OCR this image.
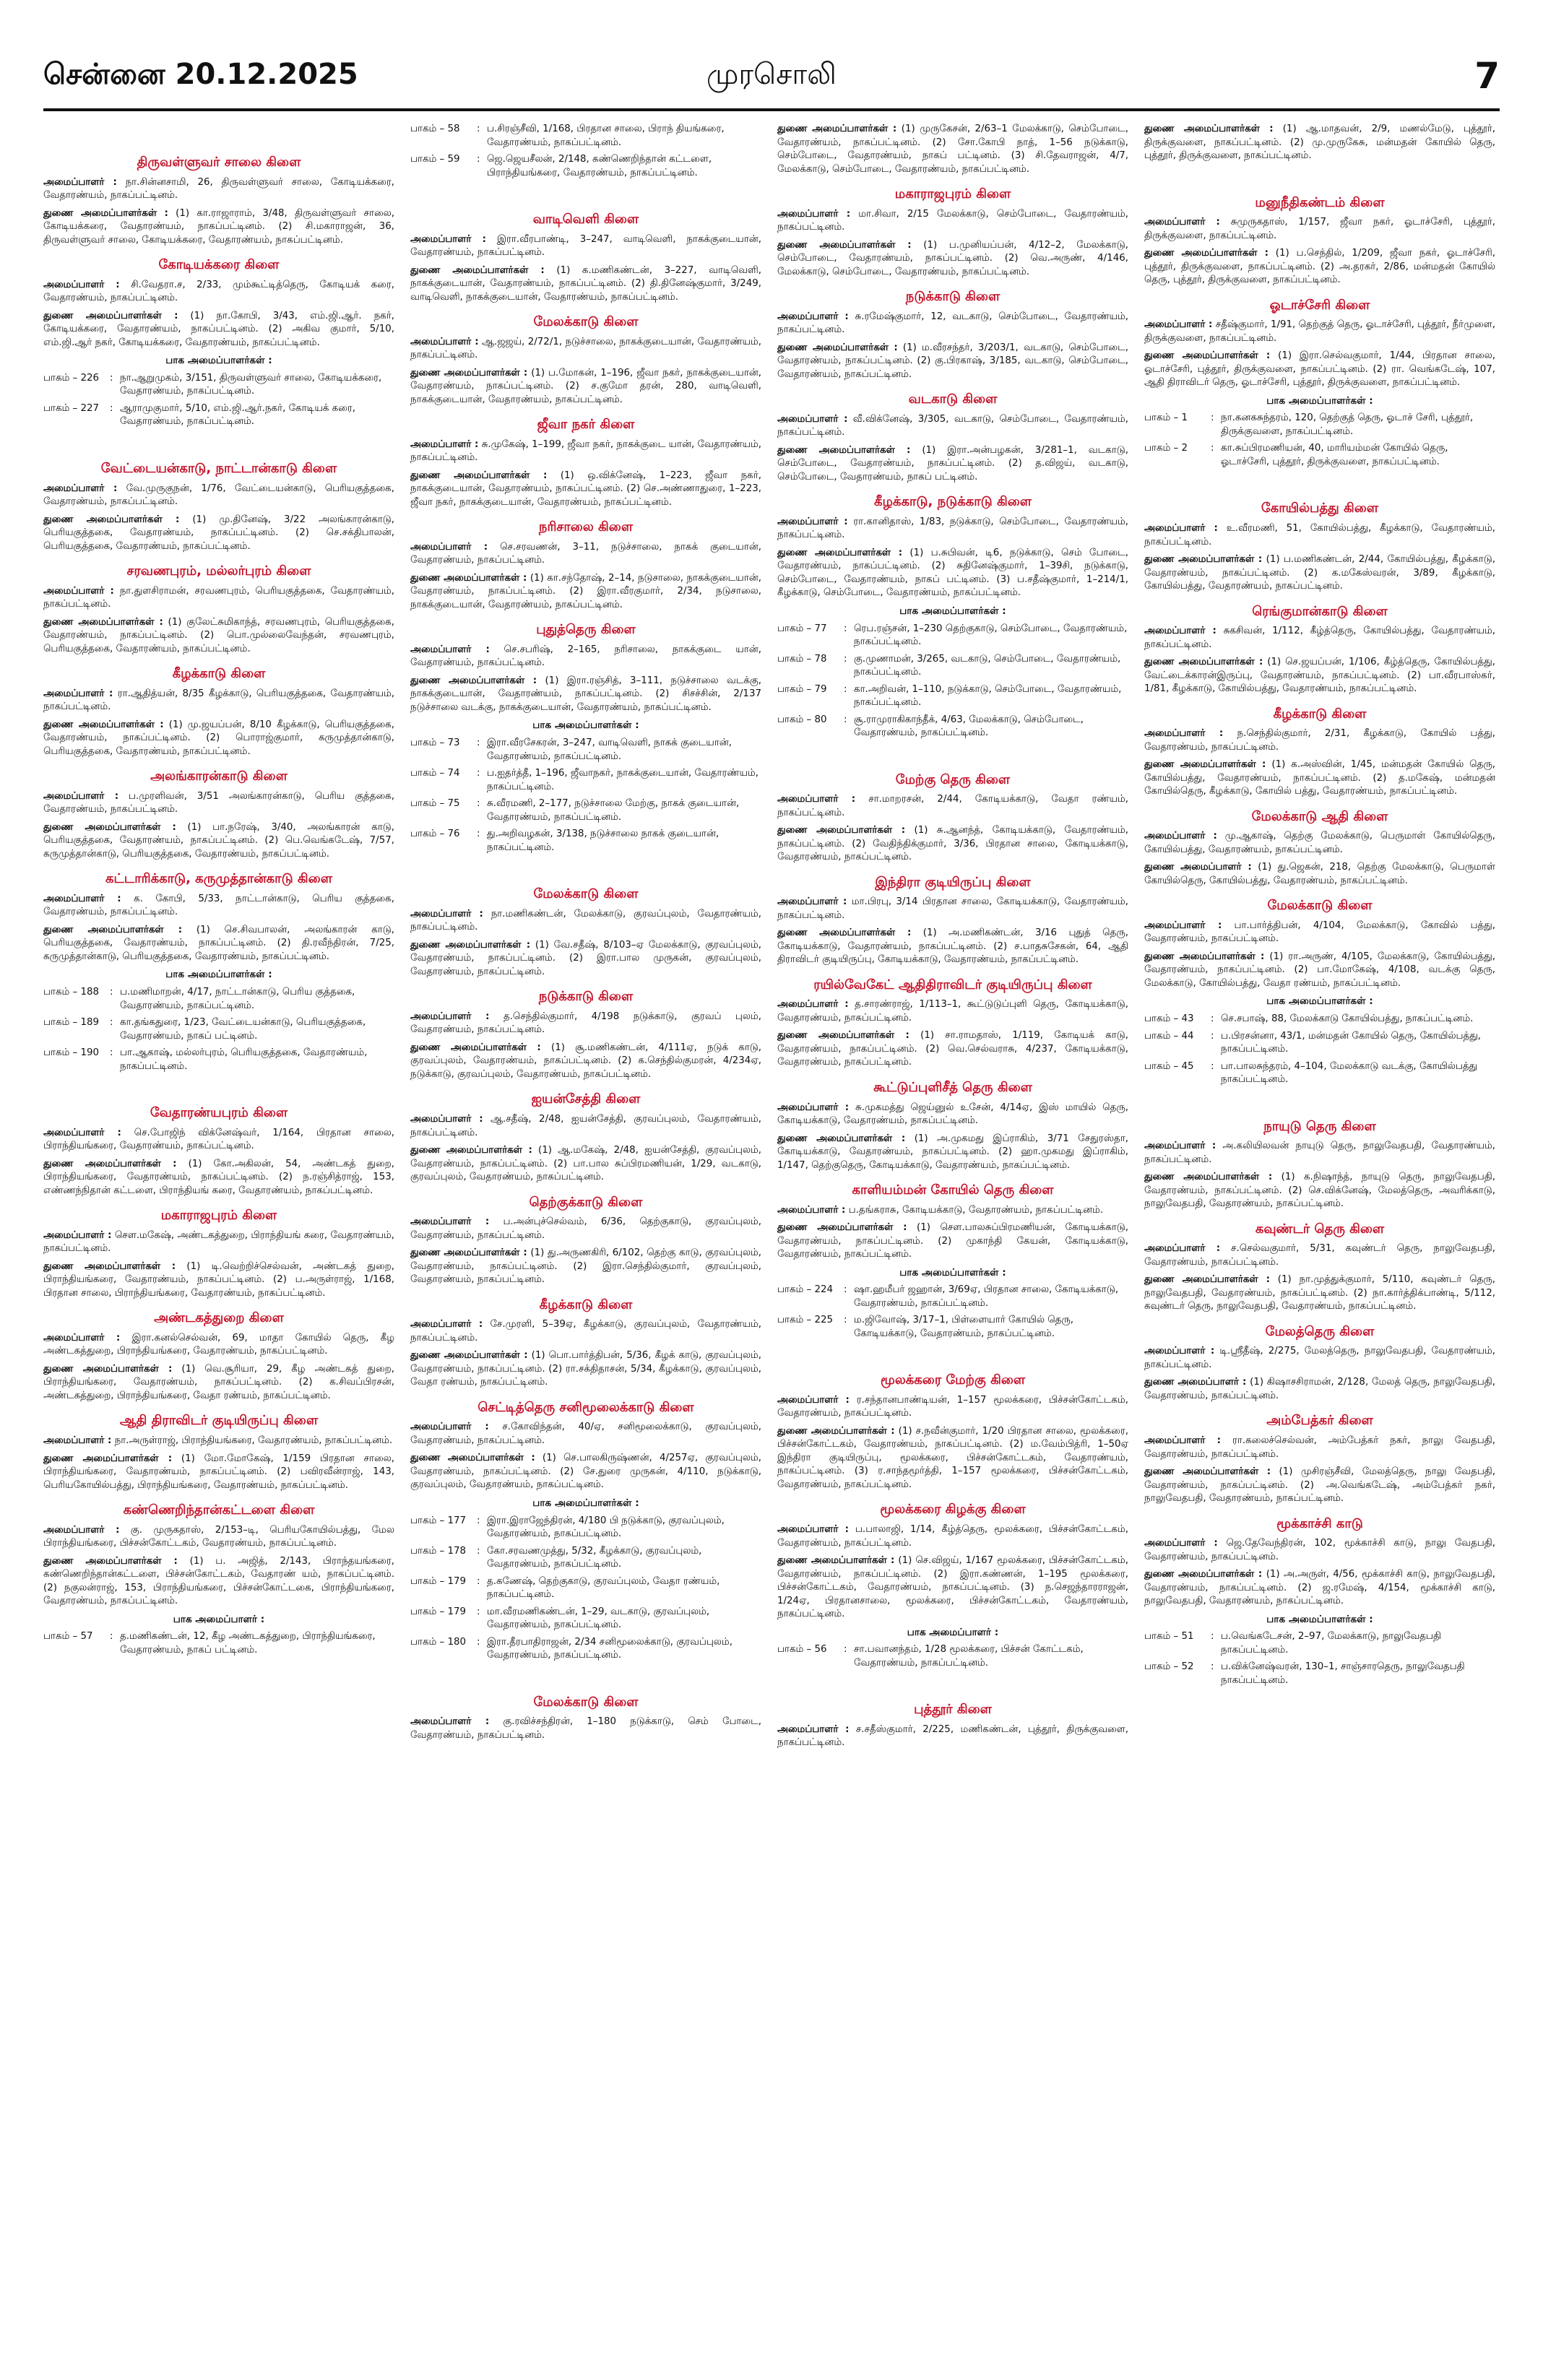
சென்னை 20.12.2025	முரசொலி	7
திருவள்ளுவர் சாலை கிளை
அமைப்பாளர் : நா.சின்னசாமி, 26, திருவள்ளுவர் சாலை, கோடியக்கரை, வேதாரண்யம், நாகப்பட்டினம்.
துணை அமைப்பாளர்கள் : (1) கா.ராஜாராம், 3/48, திருவள்ளுவர் சாலை, கோடியக்கரை, வேதாரண்யம், நாகப்பட்டினம். (2) சி.மகாராஜன், 36, திருவள்ளுவர் சாலை, கோடியக்கரை, வேதாரண்யம், நாகப்பட்டினம்.
கோடியக்கரை கிளை
அமைப்பாளர் : சி.வேதரா.ச, 2/33, மும்கூட்டித்தெரு, கோடியக் கரை, வேதாரண்யம், நாகப்பட்டினம்.
துணை அமைப்பாளர்கள் : (1) நா.கோபி, 3/43, எம்.ஜி.ஆர். நகர், கோடியக்கரை, வேதாரண்யம், நாகப்பட்டினம். (2) அகிவ குமார், 5/10, எம்.ஜி.ஆர் நகர், கோடியக்கரை, வேதாரண்யம், நாகப்பட்டினம்.
பாக அமைப்பாளர்கள் :
பாகம் – 226	: நா.ஆறுமுகம், 3/151, திருவள்ளுவர் சாலை, கோடியக்கரை, வேதாரண்யம், நாகப்பட்டினம்.
பாகம் – 227	: ஆராமுகுமார், 5/10, எம்.ஜி.ஆர்.நகர், கோடியக் கரை, வேதாரண்யம், நாகப்பட்டினம்.
வேட்டையன்காடு, நாட்டான்காடு கிளை
அமைப்பாளர் : வே.முருகுநன், 1/76, வேட்டையன்காடு, பெரியகுத்தகை, வேதாரண்யம், நாகப்பட்டினம்.
துணை அமைப்பாளர்கள் : (1) மு.தினேஷ், 3/22 அலங்காரன்காடு, பெரியகுத்தகை, வேதாரண்யம், நாகப்பட்டினம். (2) செ.சக்திபாலன், பெரியகுத்தகை, வேதாரண்யம், நாகப்பட்டினம்.
சரவணபுரம், மல்லர்புரம் கிளை
அமைப்பாளர் : நா.துளசிராமன், சரவணபுரம், பெரியகுத்தகை, வேதாரண்யம், நாகப்பட்டினம்.
துணை அமைப்பாளர்கள் : (1) குலேட்சுமிகாந்த், சரவணபுரம், பெரியகுத்தகை, வேதாரண்யம், நாகப்பட்டினம். (2) பொ.முல்லைவேந்தன், சரவணபுரம், பெரியகுத்தகை, வேதாரண்யம், நாகப்பட்டினம்.
கீழக்காடு கிளை
அமைப்பாளர் : ரா.ஆதித்யன், 8/35 கீழக்காடு, பெரியகுத்தகை, வேதாரண்யம், நாகப்பட்டினம்.
துணை அமைப்பாளர்கள் : (1) மு.ஜயப்பன், 8/10 கீழக்காடு, பெரியகுத்தகை, வேதாரண்யம், நாகப்பட்டினம். (2) பொராஜ்குமார், கருமுத்தான்காடு, பெரியகுத்தகை, வேதாரண்யம், நாகப்பட்டினம்.
அலங்காரன்காடு கிளை
அமைப்பாளர் : ப.முரளிவன், 3/51 அலங்காரன்காடு, பெரிய குத்தகை, வேதாரண்யம், நாகப்பட்டினம்.
துணை அமைப்பாளர்கள் : (1) பா.நரேஷ், 3/40, அலங்காரன் காடு, பெரியகுத்தகை, வேதாரண்யம், நாகப்பட்டினம். (2) பெ.வெங்கடேஷ், 7/57, கருமுத்தான்காடு, பெரியகுத்தகை, வேதாரண்யம், நாகப்பட்டினம்.
கட்டாரிக்காடு, கருமுத்தான்காடு கிளை
அமைப்பாளர் : க. கோபி, 5/33, நாட்டான்காடு, பெரிய குத்தகை, வேதாரண்யம், நாகப்பட்டினம்.
துணை அமைப்பாளர்கள் : (1) செ.சிவபாலன், அலங்காரன் காடு, பெரியகுத்தகை, வேதாரண்யம், நாகப்பட்டினம். (2) தி.ரவீந்திரன், 7/25, கருமுத்தான்காடு, பெரியகுத்தகை, வேதாரண்யம், நாகப்பட்டினம்.
பாக அமைப்பாளர்கள் :
பாகம் – 188	: ப.மணிமாறன், 4/17, நாட்டான்காடு, பெரிய குத்தகை, வேதாரண்யம், நாகப்பட்டினம்.
பாகம் – 189	: கா.தங்கதுரை, 1/23, வேட்டையன்காடு, பெரியகுத்தகை, வேதாரண்யம், நாகப் பட்டினம்.
பாகம் – 190	: பா.ஆகாஷ், மல்லர்புரம், பெரியகுத்தகை, வேதாரண்யம், நாகப்பட்டினம்.
வேதாரண்யபுரம் கிளை
அமைப்பாளர் : செ.போஜிந் விக்னேஷ்வர், 1/164, பிரதான சாலை, பிராந்தியங்கரை, வேதாரண்யம், நாகப்பட்டினம்.
துணை அமைப்பாளர்கள் : (1) கோ.அகிலன், 54, அண்டகத் துறை, பிராந்தியங்கரை, வேதாரண்யம், நாகப்பட்டினம். (2) ந.ரஞ்சித்ராஜ், 153, எண்ணந்நிதான் கட்டளை, பிராந்தியங் கரை, வேதாரண்யம், நாகப்பட்டினம்.
மகாராஜபுரம் கிளை
அமைப்பாளர் : சௌ.மகேஷ், அண்டகத்துறை, பிராந்தியங் கரை, வேதாரண்யம், நாகப்பட்டினம்.
துணை அமைப்பாளர்கள் : (1) டி.வெற்றிச்செல்வன், அண்டகத் துறை, பிராந்தியங்கரை, வேதாரண்யம், நாகப்பட்டினம். (2) ப.அருள்ராஜ், 1/168, பிரதான சாலை, பிராந்தியங்கரை, வேதாரண்யம், நாகப்பட்டினம்.
அண்டகத்துறை கிளை
அமைப்பாளர் : இரா.கனல்செல்வன், 69, மாதா கோயில் தெரு, கீழ அண்டகத்துறை, பிராந்தியங்கரை, வேதாரண்யம், நாகப்பட்டினம்.
துணை அமைப்பாளர்கள் : (1) வெ.சூரியா, 29, கீழ அண்டகத் துறை, பிராந்தியங்கரை, வேதாரண்யம், நாகப்பட்டினம். (2) க.சிவப்பிரசன், அண்டகத்துறை, பிராந்தியங்கரை, வேதா ரண்யம், நாகப்பட்டினம்.
ஆதி திராவிடர் குடியிருப்பு கிளை
அமைப்பாளர் : நா.அருள்ராஜ், பிராந்தியங்கரை, வேதாரண்யம், நாகப்பட்டினம்.
துணை அமைப்பாளர்கள் : (1) மோ.மோகேஷ், 1/159 பிரதான சாலை, பிராந்தியங்கரை, வேதாரண்யம், நாகப்பட்டினம். (2) பவிரவீன்ராஜ், 143, பெரியகோயில்பத்து, பிராந்தியங்கரை, வேதாரண்யம், நாகப்பட்டினம்.
கண்ணெறிந்தான்கட்டளை கிளை
அமைப்பாளர் : கு. முருகதாஸ், 2/153–டி, பெரியகோயில்பத்து, மேல பிராந்தியங்கரை, பிச்சன்கோட்டகம், வேதாரண்யம், நாகப்பட்டினம்.
துணை அமைப்பாளர்கள் : (1) ப. அஜித், 2/143, பிராந்தயங்கரை, கண்ணெறிந்தான்கட்டளை, பிச்சன்கோட்டகம், வேதாரண் யம், நாகப்பட்டினம். (2) நகுலன்ராஜ், 153, பிராந்தியங்கரை, பிச்சன்கோட்டகை, பிராந்தியங்கரை, வேதாரண்யம், நாகப்பட்டினம்.
பாக அமைப்பாளர் :
பாகம் – 57	: த.மணிகண்டன், 12, கீழ அண்டகத்துறை, பிராந்தியங்கரை, வேதாரண்யம், நாகப் பட்டினம்.
பாகம் – 58	: ப.சிரஞ்சீவி, 1/168, பிரதான சாலை, பிராந் தியங்கரை, வேதாரண்யம், நாகப்பட்டினம்.
பாகம் – 59	: ஜெ.ஜெயசீலன், 2/148, கண்ணெறிந்தான் கட்டளை, பிராந்தியங்கரை, வேதாரண்யம், நாகப்பட்டினம்.
வாடிவெளி கிளை
அமைப்பாளர் : இரா.வீரபாண்டி, 3–247, வாடிவெளி, நாகக்குடையான், வேதாரண்யம், நாகப்பட்டினம்.
துணை அமைப்பாளர்கள் : (1) க.மணிகண்டன், 3–227, வாடிவெளி, நாகக்குடையான், வேதாரண்யம், நாகப்பட்டினம். (2) தி.தினேஷ்குமார், 3/249, வாடிவெளி, நாகக்குடையான், வேதாரண்யம், நாகப்பட்டினம்.
மேலக்காடு கிளை
அமைப்பாளர் : ஆ.ஜஜய், 2/72/1, நடுச்சாலை, நாகக்குடையான், வேதாரண்யம், நாகப்பட்டினம்.
துணை அமைப்பாளர்கள் : (1) ப.மோகன், 1–196, ஜீவா நகர், நாகக்குடையான், வேதாரண்யம், நாகப்பட்டினம். (2) ச.குமோ தரன், 280, வாடிவெளி, நாகக்குடையான், வேதாரண்யம், நாகப்பட்டினம்.
ஜீவா நகர் கிளை
அமைப்பாளர் : சு.முகேஷ், 1–199, ஜீவா நகர், நாகக்குடை யான், வேதாரண்யம், நாகப்பட்டினம்.
துணை அமைப்பாளர்கள் : (1) ஒ.விக்னேஷ், 1–223, ஜீவா நகர், நாகக்குடையான், வேதாரண்யம், நாகப்பட்டினம். (2) செ.அண்ணாதுரை, 1–223, ஜீவா நகர், நாகக்குடையான், வேதாரண்யம், நாகப்பட்டினம்.
நரிசாலை கிளை
அமைப்பாளர் : செ.சரவணன், 3–11, நடுச்சாலை, நாகக் குடையான், வேதாரண்யம், நாகப்பட்டினம்.
துணை அமைப்பாளர்கள் : (1) கா.சந்தோஷ், 2–14, நடுசாலை, நாகக்குடையான், வேதாரண்யம், நாகப்பட்டினம். (2) இரா.வீரகுமார், 2/34, நடுசாலை, நாகக்குடையான், வேதாரண்யம், நாகப்பட்டினம்.
புதுத்தெரு கிளை
அமைப்பாளர் : செ.சபரிஷ், 2–165, நரிசாலை, நாகக்குடை யான், வேதாரண்யம், நாகப்பட்டினம்.
துணை அமைப்பாளர்கள் : (1) இரா.ரஞ்சித், 3–111, நடுச்சாலை வடக்கு, நாகக்குடையான், வேதாரண்யம், நாகப்பட்டினம். (2) சிசச்சின், 2/137 நடுச்சாலை வடக்கு, நாகக்குடையான், வேதாரண்யம், நாகப்பட்டினம்.
பாக அமைப்பாளர்கள் :
பாகம் – 73	: இரா.வீரசேகரன், 3–247, வாடிவெளி, நாகக் குடையான், வேதாரண்யம், நாகப்பட்டினம்.
பாகம் – 74	: ப.ஐதர்த்தீ, 1–196, ஜீவாநகர், நாகக்குடையான், வேதாரண்யம், நாகப்பட்டினம்.
பாகம் – 75	: சு.வீரமணி, 2–177, நடுச்சாலை மேற்கு, நாகக் குடையான், வேதாரண்யம், நாகப்பட்டினம்.
பாகம் – 76	: து.அறிவழகன், 3/138, நடுச்சாலை நாகக் குடையான், நாகப்பட்டினம்.
மேலக்காடு கிளை
அமைப்பாளர் : நா.மணிகண்டன், மேலக்காடு, குரவப்புலம், வேதாரண்யம், நாகப்பட்டினம்.
துணை அமைப்பாளர்கள் : (1) வே.சதீஷ், 8/103–ஏ மேலக்காடு, குரவப்புலம், வேதாரண்யம், நாகப்பட்டினம். (2) இரா.பால முருகன், குரவப்புலம், வேதாரண்யம், நாகப்பட்டினம்.
நடுக்காடு கிளை
அமைப்பாளர் : த.செந்தில்குமார், 4/198 நடுக்காடு, குரவப் புலம், வேதாரண்யம், நாகப்பட்டினம்.
துணை அமைப்பாளர்கள் : (1) சூ.மணிகண்டன், 4/111ஏ, நடுக் காடு, குரவப்புலம், வேதாரண்யம், நாகப்பட்டினம். (2) க.செந்தில்குமரன், 4/234ஏ, நடுக்காடு, குரவப்புலம், வேதாரண்யம், நாகப்பட்டினம்.
ஐயன்சேத்தி கிளை
அமைப்பாளர் : ஆ.சதீஷ், 2/48, ஐயன்சேத்தி, குரவப்புலம், வேதாரண்யம், நாகப்பட்டினம்.
துணை அமைப்பாளர்கள் : (1) ஆ.மகேஷ், 2/48, ஐயன்சேத்தி, குரவப்புலம், வேதாரண்யம், நாகப்பட்டினம். (2) பா.பால சுப்பிரமணியன், 1/29, வடகாடு, குரவப்புலம், வேதாரண்யம், நாகப்பட்டினம்.
தெற்குக்காடு கிளை
அமைப்பாளர் : ப.அன்புச்செல்வம், 6/36, தெற்குகாடு, குரவப்புலம், வேதாரண்யம், நாகப்பட்டினம்.
துணை அமைப்பாளர்கள் : (1) து.அருணகிரி, 6/102, தெற்கு காடு, குரவப்புலம், வேதாரண்யம், நாகப்பட்டினம். (2) இரா.செந்தில்குமார், குரவப்புலம், வேதாரண்யம், நாகப்பட்டினம்.
கீழக்காடு கிளை
அமைப்பாளர் : சே.முரளி, 5–39ஏ, கீழக்காடு, குரவப்புலம், வேதாரண்யம், நாகப்பட்டினம்.
துணை அமைப்பாளர்கள் : (1) பொ.பார்த்திபன், 5/36, கீழக் காடு, குரவப்புலம், வேதாரண்யம், நாகப்பட்டினம். (2) ரா.சக்திதாசன், 5/34, கீழக்காடு, குரவப்புலம், வேதா ரண்யம், நாகப்பட்டினம்.
செட்டித்தெரு சனிமூலைக்காடு கிளை
அமைப்பாளர் : ச.கோவிந்தன், 40/ஏ, சனிமூலைக்காடு, குரவப்புலம், வேதாரண்யம், நாகப்பட்டினம்.
துணை அமைப்பாளர்கள் : (1) செ.பாலகிருஷ்ணன், 4/257ஏ, குரவப்புலம், வேதாரண்யம், நாகப்பட்டினம். (2) சே.துரை முருகன், 4/110, நடுக்காடு, குரவப்புலம், வேதாரண்யம், நாகப்பட்டினம்.
பாக அமைப்பாளர்கள் :
பாகம் – 177	: இரா.இராஜேந்திரன், 4/180 பி நடுக்காடு, குரவப்புலம், வேதாரண்யம், நாகப்பட்டினம்.
பாகம் – 178	: கோ.சரவணமுத்து, 5/32, கீழக்காடு, குரவப்புலம், வேதாரண்யம், நாகப்பட்டினம்.
பாகம் – 179	: த.கணேஷ், தெற்குகாடு, குரவப்புலம், வேதா ரண்யம், நாகப்பட்டினம்.
பாகம் – 179	: மா.வீரமணிகண்டன், 1–29, வடகாடு, குரவப்புலம், வேதாரண்யம், நாகப்பட்டினம்.
பாகம் – 180	: இரா.தீரபாதிராஜன், 2/34 சனிமூலைக்காடு, குரவப்புலம், வேதாரண்யம், நாகப்பட்டினம்.
மேலக்காடு கிளை
அமைப்பாளர் : கு.ரவிச்சந்திரன், 1–180 நடுக்காடு, செம் போடை, வேதாரண்யம், நாகப்பட்டினம்.
துணை அமைப்பாளர்கள் : (1) முருகேசன், 2/63–1 மேலக்காடு, செம்போடை, வேதாரண்யம், நாகப்பட்டினம். (2) சோ.கோபி நாத், 1–56 நடுக்காடு, செம்போடை, வேதாரண்யம், நாகப் பட்டினம். (3) சி.தேவராஜன், 4/7, மேலக்காடு, செம்போடை, வேதாரண்யம், நாகப்பட்டினம்.
மகாராஜபுரம் கிளை
அமைப்பாளர் : மா.சிவா, 2/15 மேலக்காடு, செம்போடை, வேதாரண்யம், நாகப்பட்டினம்.
துணை அமைப்பாளர்கள் : (1) ப.முனியப்பன், 4/12–2, மேலக்காடு, செம்போடை, வேதாரண்யம், நாகப்பட்டினம். (2) வெ.அருண், 4/146, மேலக்காடு, செம்போடை, வேதாரண்யம், நாகப்பட்டினம்.
நடுக்காடு கிளை
அமைப்பாளர் : சு.ரமேஷ்குமார், 12, வடகாடு, செம்போடை, வேதாரண்யம், நாகப்பட்டினம்.
துணை அமைப்பாளர்கள் : (1) ம.வீரசந்தர், 3/203/1, வடகாடு, செம்போடை, வேதாரண்யம், நாகப்பட்டினம். (2) கு.பிரகாஷ், 3/185, வடகாடு, செம்போடை, வேதாரண்யம், நாகப்பட்டினம்.
வடகாடு கிளை
அமைப்பாளர் : வீ.விக்னேஷ், 3/305, வடகாடு, செம்போடை, வேதாரண்யம், நாகப்பட்டினம்.
துணை அமைப்பாளர்கள் : (1) இரா.அன்பழகன், 3/281–1, வடகாடு, செம்போடை, வேதாரண்யம், நாகப்பட்டினம். (2) த.விஜய், வடகாடு, செம்போடை, வேதாரண்யம், நாகப் பட்டினம்.
கீழக்காடு, நடுக்காடு கிளை
அமைப்பாளர் : ரா.கானிதாஸ், 1/83, நடுக்காடு, செம்போடை, வேதாரண்யம், நாகப்பட்டினம்.
துணை அமைப்பாளர்கள் : (1) ப.சுபிவன், டி6, நடுக்காடு, செம் போடை, வேதாரண்யம், நாகப்பட்டினம். (2) சுதினேஷ்குமார், 1–39சி, நடுக்காடு, செம்போடை, வேதாரண்யம், நாகப் பட்டினம். (3) ப.சதீஷ்குமார், 1–214/1, கீழக்காடு, செம்போடை, வேதாரண்யம், நாகப்பட்டினம்.
பாக அமைப்பாளர்கள் :
பாகம் – 77	: ரெப.ரஞ்சன், 1–230 தெற்குகாடு, செம்போடை, வேதாரண்யம், நாகப்பட்டினம்.
பாகம் – 78	: கு.முணாமன், 3/265, வடகாடு, செம்போடை, வேதாரண்யம், நாகப்பட்டினம்.
பாகம் – 79	: கா.அறிவன், 1–110, நடுக்காடு, செம்போடை, வேதாரண்யம், நாகப்பட்டினம்.
பாகம் – 80	: சூ.ராமுராகிகாந்தீக், 4/63, மேலக்காடு, செம்போடை, வேதாரண்யம், நாகப்பட்டினம்.
மேற்கு தெரு கிளை
அமைப்பாளர் : சா.மாறரசன், 2/44, கோடியக்காடு, வேதா ரண்யம், நாகப்பட்டினம்.
துணை அமைப்பாளர்கள் : (1) சு.ஆனந்த், கோடியக்காடு, வேதாரண்யம், நாகப்பட்டினம். (2) வேதிந்திக்குமார், 3/36, பிரதான சாலை, கோடியக்காடு, வேதாரண்யம், நாகப்பட்டினம்.
இந்திரா குடியிருப்பு கிளை
அமைப்பாளர் : மா.பிரபு, 3/14 பிரதான சாலை, கோடியக்காடு, வேதாரண்யம், நாகப்பட்டினம்.
துணை அமைப்பாளர்கள் : (1) அ.மணிகண்டன், 3/16 புதுத் தெரு, கோடியக்காடு, வேதாரண்யம், நாகப்பட்டினம். (2) ச.பாதசுசேகன், 64, ஆதி திராவிடர் குடியிருப்பு, கோடியக்காடு, வேதாரண்யம், நாகப்பட்டினம்.
ரயில்வேகேட் ஆதிதிராவிடர் குடியிருப்பு கிளை
அமைப்பாளர் : த.சாரண்ராஜ், 1/113–1, கூட்டுடுப்புளி தெரு, கோடியக்காடு, வேதாரண்யம், நாகப்பட்டினம்.
துணை அமைப்பாளர்கள் : (1) சா.ராமதாஸ், 1/119, கோடியக் காடு, வேதாரண்யம், நாகப்பட்டினம். (2) வெ.செல்வராசு, 4/237, கோடியக்காடு, வேதாரண்யம், நாகப்பட்டினம்.
கூட்டுப்புளிசீத் தெரு கிளை
அமைப்பாளர் : சு.முகமத்து ஜெய்னுல் உசேன், 4/14ஏ, இஸ் மாயில் தெரு, கோடியக்காடு, வேதாரண்யம், நாகப்பட்டினம்.
துணை அமைப்பாளர்கள் : (1) அ.முகமது இப்ராகிம், 3/71 சேதுரஸ்தா, கோடியக்காடு, வேதாரண்யம், நாகப்பட்டினம். (2) ஹா.முகமது இப்ராகிம், 1/147, தெற்குதெரு, கோடியக்காடு, வேதாரண்யம், நாகப்பட்டினம்.
காளியம்மன் கோயில் தெரு கிளை
அமைப்பாளர் : ப.தங்கராசு, கோடியக்காடு, வேதாரண்யம், நாகப்பட்டினம்.
துணை அமைப்பாளர்கள் : (1) சௌ.பாலசுப்பிரமணியன், கோடியக்காடு, வேதாரண்யம், நாகப்பட்டினம். (2) முகாந்தி கேயன், கோடியக்காடு, வேதாரண்யம், நாகப்பட்டினம்.
பாக அமைப்பாளர்கள் :
பாகம் – 224	: ஷா.ஹமீபர் ஜஹான், 3/69ஏ, பிரதான சாலை, கோடியக்காடு, வேதாரண்யம், நாகப்பட்டினம்.
பாகம் – 225	: ம.ஜிவோஷ், 3/17–1, பிள்ளையார் கோயில் தெரு, கோடியக்காடு, வேதாரண்யம், நாகப்பட்டினம்.
மூலக்கரை மேற்கு கிளை
அமைப்பாளர் : ர.சந்தானபாண்டியன், 1–157 மூலக்கரை, பிச்சன்கோட்டகம், வேதாரண்யம், நாகப்பட்டினம்.
துணை அமைப்பாளர்கள் : (1) ச.நவீன்குமார், 1/20 பிரதான சாலை, மூலக்கரை, பிச்சன்கோட்டகம், வேதாரண்யம், நாகப்பட்டினம். (2) ம.வேம்பித்ரி, 1–50ஏ இந்திரா குடியிருப்பு, மூலக்கரை, பிச்சன்கோட்டகம், வேதாரண்யம், நாகப்பட்டினம். (3) ர.சாந்தமூர்த்தி, 1–157 மூலக்கரை, பிச்சன்கோட்டகம், வேதாரண்யம், நாகப்பட்டினம்.
மூலக்கரை கிழக்கு கிளை
அமைப்பாளர் : ப.பாலாஜி, 1/14, கீழ்த்தெரு, மூலக்கரை, பிச்சன்கோட்டகம், வேதாரண்யம், நாகப்பட்டினம்.
துணை அமைப்பாளர்கள் : (1) செ.விஜய், 1/167 மூலக்கரை, பிச்சன்கோட்டகம், வேதாரண்யம், நாகப்பட்டினம். (2) இரா.கண்ணன், 1–195 மூலக்கரை, பிச்சன்கோட்டகம், வேதாரண்யம், நாகப்பட்டினம். (3) ந.செஜந்தாரராஜன், 1/24ஏ, பிரதானசாலை, மூலக்கரை, பிச்சன்கோட்டகம், வேதாரண்யம், நாகப்பட்டினம்.
பாக அமைப்பாளர் :
பாகம் – 56	: சா.பவானந்தம், 1/28 மூலக்கரை, பிச்சன் கோட்டகம், வேதாரண்யம், நாகப்பட்டினம்.
புத்தூர் கிளை
அமைப்பாளர் : ச.சதீஸ்குமார், 2/225, மணிகண்டன், புத்தூர், திருக்குவளை, நாகப்பட்டினம்.
துணை அமைப்பாளர்கள் : (1) ஆ.மாதவன், 2/9, மணல்மேடு, புத்தூர், திருக்குவளை, நாகப்பட்டினம். (2) மு.முருகேசு, மன்மதன் கோயில் தெரு, புத்தூர், திருக்குவளை, நாகப்பட்டினம்.
மனுநீதிகண்டம் கிளை
அமைப்பாளர் : சுமுருகதாஸ், 1/157, ஜீவா நகர், ஓடாச்சேரி, புத்தூர், திருக்குவளை, நாகப்பட்டினம்.
துணை அமைப்பாளர்கள் : (1) ப.செந்தில், 1/209, ஜீவா நகர், ஓடாச்சேரி, புத்தூர், திருக்குவளை, நாகப்பட்டினம். (2) அ.தரகர், 2/86, மன்மதன் கோயில் தெரு, புத்தூர், திருக்குவளை, நாகப்பட்டினம்.
ஓடாச்சேரி கிளை
அமைப்பாளர் : சதீஷ்குமார், 1/91, தெற்குத் தெரு, ஓடாச்சேரி, புத்தூர், நீர்முளை, திருக்குவளை, நாகப்பட்டினம்.
துணை அமைப்பாளர்கள் : (1) இரா.செல்வகுமார், 1/44, பிரதான சாலை, ஓடாச்சேரி, புத்தூர், திருக்குவளை, நாகப்பட்டினம். (2) ரா. வெங்கடேஷ், 107, ஆதி திராவிடர் தெரு, ஓடாச்சேரி, புத்தூர், திருக்குவளை, நாகப்பட்டினம்.
பாக அமைப்பாளர்கள் :
பாகம் – 1	: நா.கனகசுந்தரம், 120, தெற்குத் தெரு, ஓடாச் சேரி, புத்தூர், திருக்குவளை, நாகப்பட்டினம்.
பாகம் – 2	: கா.சுப்பிரமணியன், 40, மாரியம்மன் கோயில் தெரு, ஓடாச்சேரி, புத்தூர், திருக்குவளை, நாகப்பட்டினம்.
கோயில்பத்து கிளை
அமைப்பாளர் : உ.வீரமணி, 51, கோயில்பத்து, கீழக்காடு, வேதாரண்யம், நாகப்பட்டினம்.
துணை அமைப்பாளர்கள் : (1) ப.மணிகண்டன், 2/44, கோயில்பத்து, கீழக்காடு, வேதாரண்யம், நாகப்பட்டினம். (2) க.மகேஸ்வரன், 3/89, கீழக்காடு, கோயில்பத்து, வேதாரண்யம், நாகப்பட்டினம்.
ரெங்குமான்காடு கிளை
அமைப்பாளர் : சுகசிவன், 1/112, கீழ்த்தெரு, கோயில்பத்து, வேதாரண்யம், நாகப்பட்டினம்.
துணை அமைப்பாளர்கள் : (1) செ.ஜயப்பன், 1/106, கீழ்த்தெரு, கோயில்பத்து, வேட்டைக்காரன்இருப்பு, வேதாரண்யம், நாகப்பட்டினம். (2) பா.வீரபாஸ்கர், 1/81, கீழக்காடு, கோயில்பத்து, வேதாரண்யம், நாகப்பட்டினம்.
கீழக்காடு கிளை
அமைப்பாளர் : ந.செந்தில்குமார், 2/31, கீழக்காடு, கோயில் பத்து, வேதாரண்யம், நாகப்பட்டினம்.
துணை அமைப்பாளர்கள் : (1) க.அஸ்வின், 1/45, மன்மதன் கோயில் தெரு, கோயில்பத்து, வேதாரண்யம், நாகப்பட்டினம். (2) த.மகேஷ், மன்மதன் கோயில்தெரு, கீழக்காடு, கோயில் பத்து, வேதாரண்யம், நாகப்பட்டினம்.
மேலக்காடு ஆதி கிளை
அமைப்பாளர் : மு.ஆகாஷ், தெற்கு மேலக்காடு, பெருமாள் கோயில்தெரு, கோயில்பத்து, வேதாரண்யம், நாகப்பட்டினம்.
துணை அமைப்பாளர் : (1) து.ஜெகன், 218, தெற்கு மேலக்காடு, பெருமாள் கோயில்தெரு, கோயில்பத்து, வேதாரண்யம், நாகப்பட்டினம்.
மேலக்காடு கிளை
அமைப்பாளர் : பா.பார்த்திபன், 4/104, மேலக்காடு, கோவில் பத்து, வேதாரண்யம், நாகப்பட்டினம்.
துணை அமைப்பாளர்கள் : (1) ரா.அருண், 4/105, மேலக்காடு, கோயில்பத்து, வேதாரண்யம், நாகப்பட்டினம். (2) பா.மோகேஷ், 4/108, வடக்கு தெரு, மேலக்காடு, கோயில்பத்து, வேதா ரண்யம், நாகப்பட்டினம்.
பாக அமைப்பாளர்கள் :
பாகம் – 43	: செ.சபாஷ், 88, மேலக்காடு கோயில்பத்து, நாகப்பட்டினம்.
பாகம் – 44	: ப.பிரசன்னா, 43/1, மன்மதன் கோயில் தெரு, கோயில்பத்து, நாகப்பட்டினம்.
பாகம் – 45	: பா.பாலசுந்தரம், 4–104, மேலக்காடு வடக்கு, கோயில்பத்து நாகப்பட்டினம்.
நாயுடு தெரு கிளை
அமைப்பாளர் : அ.கலியிலவன் நாயுடு தெரு, நாலுவேதபதி, வேதாரண்யம், நாகப்பட்டினம்.
துணை அமைப்பாளர்கள் : (1) க.நிஷாந்த், நாயுடு தெரு, நாலுவேதபதி, வேதாரண்யம், நாகப்பட்டினம். (2) செ.விக்னேஷ், மேலத்தெரு, அவரிக்காடு, நாலுவேதபதி, வேதாரண்யம், நாகப்பட்டினம்.
கவுண்டர் தெரு கிளை
அமைப்பாளர் : ச.செல்வகுமார், 5/31, கவுண்டர் தெரு, நாலுவேதபதி, வேதாரண்யம், நாகப்பட்டினம்.
துணை அமைப்பாளர்கள் : (1) நா.முத்துக்குமார், 5/110, கவுண்டர் தெரு, நாலுவேதபதி, வேதாரண்யம், நாகப்பட்டினம். (2) நா.கார்த்திக்பாண்டி, 5/112, கவுண்டர் தெரு, நாலுவேதபதி, வேதாரண்யம், நாகப்பட்டினம்.
மேலத்தெரு கிளை
அமைப்பாளர் : டி.ஸ்ரீதீஷ், 2/275, மேலத்தெரு, நாலுவேதபதி, வேதாரண்யம், நாகப்பட்டினம்.
துணை அமைப்பாளர் : (1) கிஷாசசிராமன், 2/128, மேலத் தெரு, நாலுவேதபதி, வேதாரண்யம், நாகப்பட்டினம்.
அம்பேத்கர் கிளை
அமைப்பாளர் : ரா.கலைச்செல்வன், அம்பேத்கர் நகர், நாலு வேதபதி, வேதாரண்யம், நாகப்பட்டினம்.
துணை அமைப்பாளர்கள் : (1) முசிரஞ்சீவி, மேலத்தெரு, நாலு வேதபதி, வேதாரண்யம், நாகப்பட்டினம். (2) அ.வெங்கடேஷ், அம்பேத்கர் நகர், நாலுவேதபதி, வேதாரண்யம், நாகப்பட்டினம்.
மூக்காச்சி காடு
அமைப்பாளர் : ஜெ.தேவேந்திரன், 102, மூக்காச்சி காடு, நாலு வேதபதி, வேதாரண்யம், நாகப்பட்டினம்.
துணை அமைப்பாளர்கள் : (1) அ.அருள், 4/56, மூக்காச்சி காடு, நாலுவேதபதி, வேதாரண்யம், நாகப்பட்டினம். (2) ஜ.ரமேஷ், 4/154, மூக்காச்சி காடு, நாலுவேதபதி, வேதாரண்யம், நாகப்பட்டினம்.
பாக அமைப்பாளர்கள் :
பாகம் – 51	: ப.வெங்கடேசன், 2–97, மேலக்காடு, நாலுவேதபதி நாகப்பட்டினம்.
பாகம் – 52	: ப.விக்னேஷ்வரன், 130–1, சாஞ்சாரதெரு, நாலுவேதபதி நாகப்பட்டினம்.
